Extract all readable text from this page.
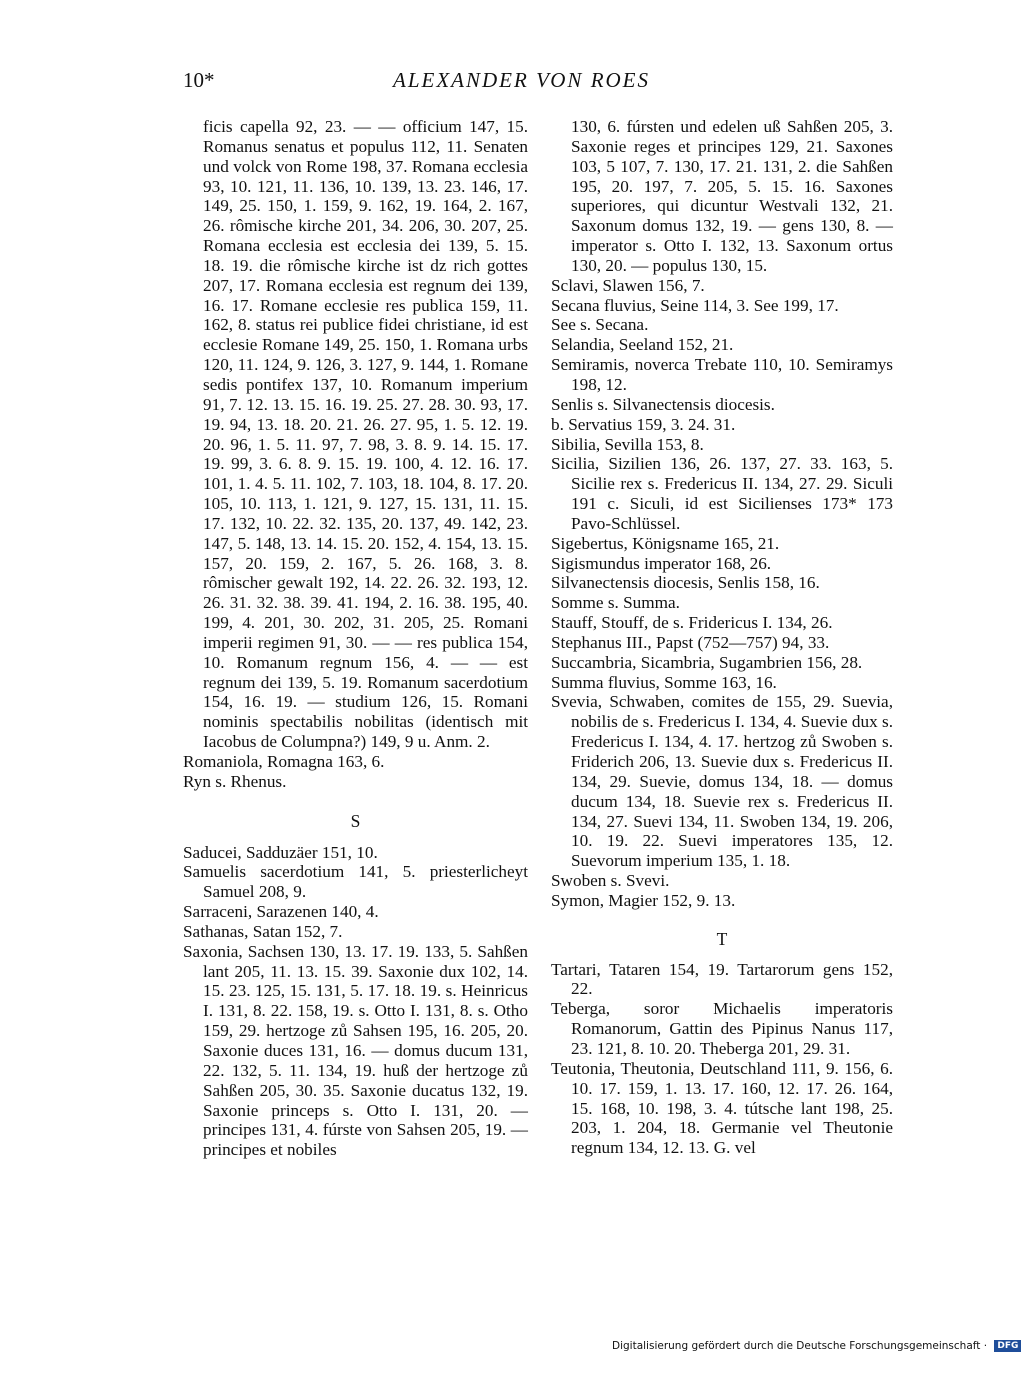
10*	ALEXANDER VON ROES

ficis capella 92, 23. — — officium 147, 15. Romanus senatus et populus 112, 11. Senaten und volck von Rome 198, 37. Romana ecclesia 93, 10. 121, 11. 136, 10. 139, 13. 23. 146, 17. 149, 25. 150, 1. 159, 9. 162, 19. 164, 2. 167, 26. rômische kirche 201, 34. 206, 30. 207, 25. Romana ecclesia est ecclesia dei 139, 5. 15. 18. 19. die rômische kirche ist dz rich gottes 207, 17. Romana ecclesia est regnum dei 139, 16. 17. Romane ecclesie res publica 159, 11. 162, 8. status rei publice fidei christiane, id est ecclesie Romane 149, 25. 150, 1. Romana urbs 120, 11. 124, 9. 126, 3. 127, 9. 144, 1. Romane sedis pontifex 137, 10. Romanum imperium 91, 7. 12. 13. 15. 16. 19. 25. 27. 28. 30. 93, 17. 19. 94, 13. 18. 20. 21. 26. 27. 95, 1. 5. 12. 19. 20. 96, 1. 5. 11. 97, 7. 98, 3. 8. 9. 14. 15. 17. 19. 99, 3. 6. 8. 9. 15. 19. 100, 4. 12. 16. 17. 101, 1. 4. 5. 11. 102, 7. 103, 18. 104, 8. 17. 20. 105, 10. 113, 1. 121, 9. 127, 15. 131, 11. 15. 17. 132, 10. 22. 32. 135, 20. 137, 49. 142, 23. 147, 5. 148, 13. 14. 15. 20. 152, 4. 154, 13. 15. 157, 20. 159, 2. 167, 5. 26. 168, 3. 8. rômischer gewalt 192, 14. 22. 26. 32. 193, 12. 26. 31. 32. 38. 39. 41. 194, 2. 16. 38. 195, 40. 199, 4. 201, 30. 202, 31. 205, 25. Romani imperii regimen 91, 30. — — res publica 154, 10. Romanum regnum 156, 4. — — est regnum dei 139, 5. 19. Romanum sacerdotium 154, 16. 19. — studium 126, 15. Romani nominis spectabilis nobilitas (identisch mit Iacobus de Columpna?) 149, 9 u. Anm. 2.

Romaniola, Romagna 163, 6.

Ryn s. Rhenus.

S

Saducei, Sadduzäer 151, 10.

Samuelis sacerdotium 141, 5. priesterlicheyt Samuel 208, 9.

Sarraceni, Sarazenen 140, 4.

Sathanas, Satan 152, 7.

Saxonia, Sachsen 130, 13. 17. 19. 133, 5. Sahßen lant 205, 11. 13. 15. 39. Saxonie dux 102, 14. 15. 23. 125, 15. 131, 5. 17. 18. 19. s. Heinricus I. 131, 8. 22. 158, 19. s. Otto I. 131, 8. s. Otho 159, 29. hertzoge zů Sahsen 195, 16. 205, 20. Saxonie duces 131, 16. — domus ducum 131, 22. 132, 5. 11. 134, 19. huß der hertzoge zů Sahßen 205, 30. 35. Saxonie ducatus 132, 19. Saxonie princeps s. Otto I. 131, 20. — principes 131, 4. fúrste von Sahsen 205, 19. — principes et nobiles

130, 6. fúrsten und edelen uß Sahßen 205, 3. Saxonie reges et principes 129, 21. Saxones 103, 5 107, 7. 130, 17. 21. 131, 2. die Sahßen 195, 20. 197, 7. 205, 5. 15. 16. Saxones superiores, qui dicuntur Westvali 132, 21. Saxonum domus 132, 19. — gens 130, 8. — imperator s. Otto I. 132, 13. Saxonum ortus 130, 20. — populus 130, 15.

Sclavi, Slawen 156, 7.

Secana fluvius, Seine 114, 3. See 199, 17.

See s. Secana.

Selandia, Seeland 152, 21.

Semiramis, noverca Trebate 110, 10. Semiramys 198, 12.

Senlis s. Silvanectensis diocesis.

b. Servatius 159, 3. 24. 31.

Sibilia, Sevilla 153, 8.

Sicilia, Sizilien 136, 26. 137, 27. 33. 163, 5. Sicilie rex s. Fredericus II. 134, 27. 29. Siculi 191 c. Siculi, id est Sicilienses 173* 173 Pavo-Schlüssel.

Sigebertus, Königsname 165, 21.

Sigismundus imperator 168, 26.

Silvanectensis diocesis, Senlis 158, 16.

Somme s. Summa.

Stauff, Stouff, de s. Fridericus I. 134, 26.

Stephanus III., Papst (752—757) 94, 33.

Succambria, Sicambria, Sugambrien 156, 28.

Summa fluvius, Somme 163, 16.

Svevia, Schwaben, comites de 155, 29. Suevia, nobilis de s. Fredericus I. 134, 4. Suevie dux s. Fredericus I. 134, 4. 17. hertzog zů Swoben s. Friderich 206, 13. Suevie dux s. Fredericus II. 134, 29. Suevie, domus 134, 18. — domus ducum 134, 18. Suevie rex s. Fredericus II. 134, 27. Suevi 134, 11. Swoben 134, 19. 206, 10. 19. 22. Suevi imperatores 135, 12. Suevorum imperium 135, 1. 18.

Swoben s. Svevi.

Symon, Magier 152, 9. 13.

T

Tartari, Tataren 154, 19. Tartarorum gens 152, 22.

Teberga, soror Michaelis imperatoris Romanorum, Gattin des Pipinus Nanus 117, 23. 121, 8. 10. 20. Theberga 201, 29. 31.

Teutonia, Theutonia, Deutschland 111, 9. 156, 6. 10. 17. 159, 1. 13. 17. 160, 12. 17. 26. 164, 15. 168, 10. 198, 3. 4. tútsche lant 198, 25. 203, 1. 204, 18. Germanie vel Theutonie regnum 134, 12. 13. G. vel

Digitalisierung gefördert durch die Deutsche Forschungsgemeinschaft · DFG
